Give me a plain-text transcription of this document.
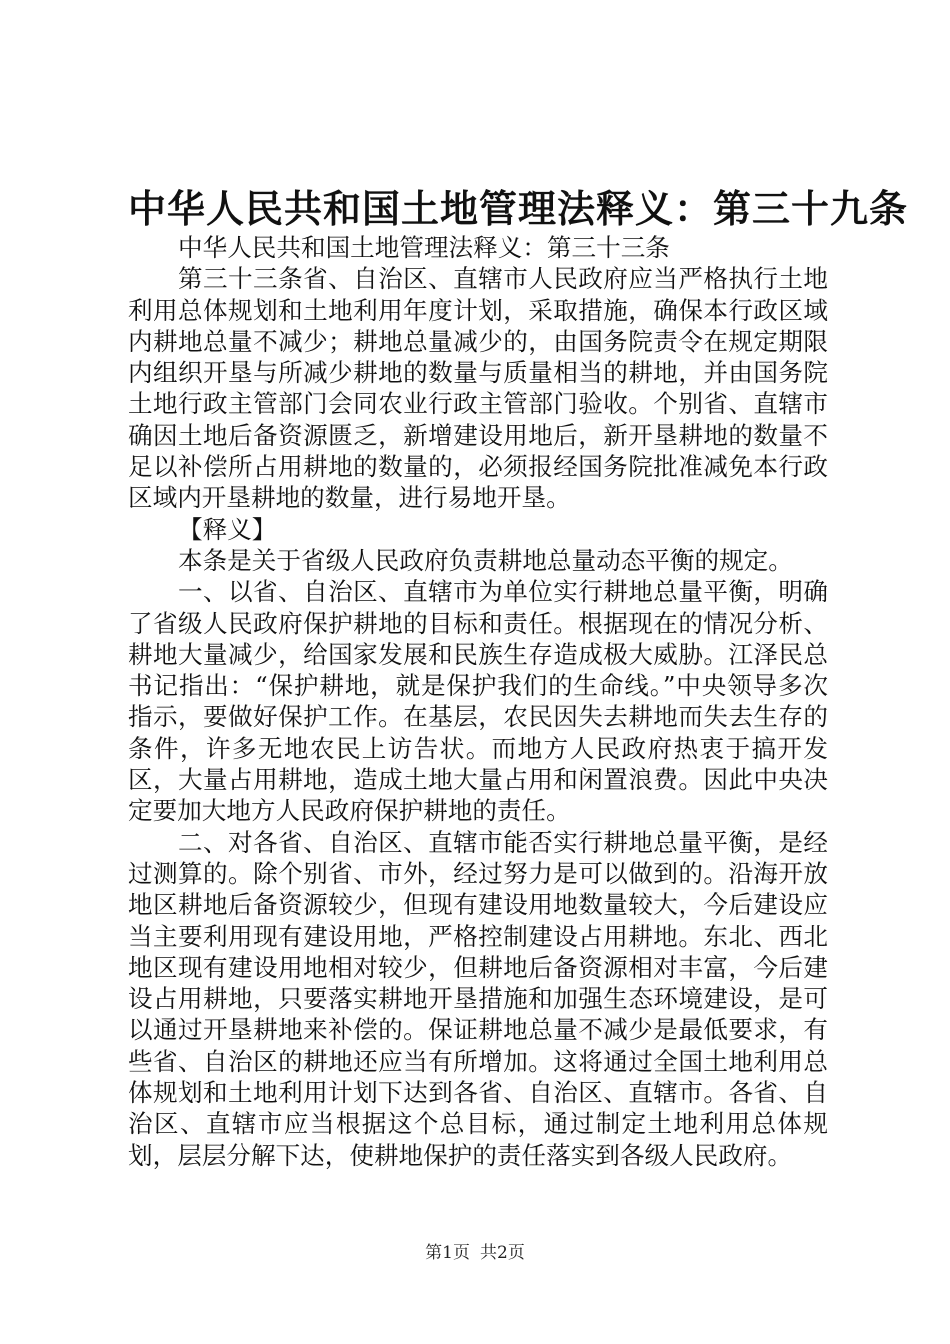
中华人民共和国土地管理法释义：第三十九条

中华人民共和国土地管理法释义：第三十三条

第三十三条省、自治区、直辖市人民政府应当严格执行土地利用总体规划和土地利用年度计划，采取措施，确保本行政区域内耕地总量不减少；耕地总量减少的，由国务院责令在规定期限内组织开垦与所减少耕地的数量与质量相当的耕地，并由国务院土地行政主管部门会同农业行政主管部门验收。个别省、直辖市确因土地后备资源匮乏，新增建设用地后，新开垦耕地的数量不足以补偿所占用耕地的数量的，必须报经国务院批准减免本行政区域内开垦耕地的数量，进行易地开垦。

【释义】

本条是关于省级人民政府负责耕地总量动态平衡的规定。

一、以省、自治区、直辖市为单位实行耕地总量平衡，明确了省级人民政府保护耕地的目标和责任。根据现在的情况分析、耕地大量减少，给国家发展和民族生存造成极大威胁。江泽民总书记指出：“保护耕地，就是保护我们的生命线。”中央领导多次指示，要做好保护工作。在基层，农民因失去耕地而失去生存的条件，许多无地农民上访告状。而地方人民政府热衷于搞开发区，大量占用耕地，造成土地大量占用和闲置浪费。因此中央决定要加大地方人民政府保护耕地的责任。

二、对各省、自治区、直辖市能否实行耕地总量平衡，是经过测算的。除个别省、市外，经过努力是可以做到的。沿海开放地区耕地后备资源较少，但现有建设用地数量较大，今后建设应当主要利用现有建设用地，严格控制建设占用耕地。东北、西北地区现有建设用地相对较少，但耕地后备资源相对丰富，今后建设占用耕地，只要落实耕地开垦措施和加强生态环境建设，是可以通过开垦耕地来补偿的。保证耕地总量不减少是最低要求，有些省、自治区的耕地还应当有所增加。这将通过全国土地利用总体规划和土地利用计划下达到各省、自治区、直辖市。各省、自治区、直辖市应当根据这个总目标，通过制定土地利用总体规划，层层分解下达，使耕地保护的责任落实到各级人民政府。

第1页 共2页
